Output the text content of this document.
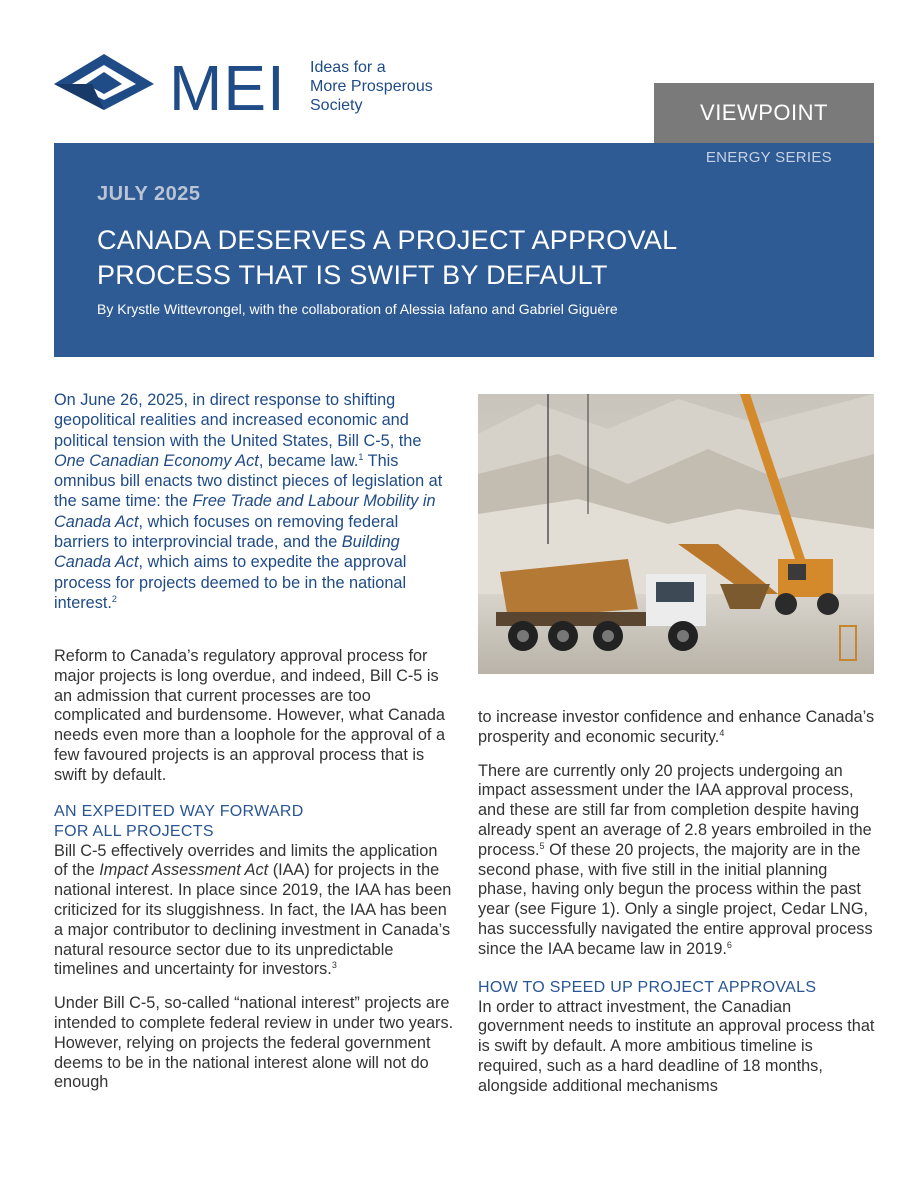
MEI Ideas for a
More Prosperous
Society	VIEWPOINT
ENERGY SERIES
JULY 2025
CANADA DESERVES A PROJECT APPROVAL
PROCESS THAT IS SWIFT BY DEFAULT
By Krystle Wittevrongel, with the collaboration of Alessia Iafano and Gabriel Giguère
On June 26, 2025, in direct response to shifting geopolitical realities and increased economic and political tension with the United States, Bill C-5, the One Canadian Economy Act, became law.$^1$ This omnibus bill enacts two distinct pieces of legislation at the same time: the Free Trade and Labour Mobility in Canada Act, which focuses on removing federal barriers to interprovincial trade, and the Building Canada Act, which aims to expedite the approval process for projects deemed to be in the national interest.$^2$

Reform to Canada’s regulatory approval process for major projects is long overdue, and indeed, Bill C-5 is an admission that current processes are too complicated and burdensome. However, what Canada needs even more than a loophole for the approval of a few favoured projects is an approval process that is swift by default.

AN EXPEDITED WAY FORWARD
FOR ALL PROJECTS

Bill C-5 effectively overrides and limits the application of the Impact Assessment Act (IAA) for projects in the national interest. In place since 2019, the IAA has been criticized for its sluggishness. In fact, the IAA has been a major contributor to declining investment in Canada’s natural resource sector due to its unpredictable timelines and uncertainty for investors.$^3$

Under Bill C-5, so-called “national interest” projects are intended to complete federal review in under two years. However, relying on projects the federal government deems to be in the national interest alone will not do enough

to increase investor confidence and enhance Canada’s prosperity and economic security.$^4$

There are currently only 20 projects undergoing an impact assessment under the IAA approval process, and these are still far from completion despite having already spent an average of 2.8 years embroiled in the process.$^5$ Of these 20 projects, the majority are in the second phase, with five still in the initial planning phase, having only begun the process within the past year (see Figure 1). Only a single project, Cedar LNG, has successfully navigated the entire approval process since the IAA became law in 2019.$^6$

HOW TO SPEED UP PROJECT APPROVALS

In order to attract investment, the Canadian government needs to institute an approval process that is swift by default. A more ambitious timeline is required, such as a hard deadline of 18 months, alongside additional mechanisms
